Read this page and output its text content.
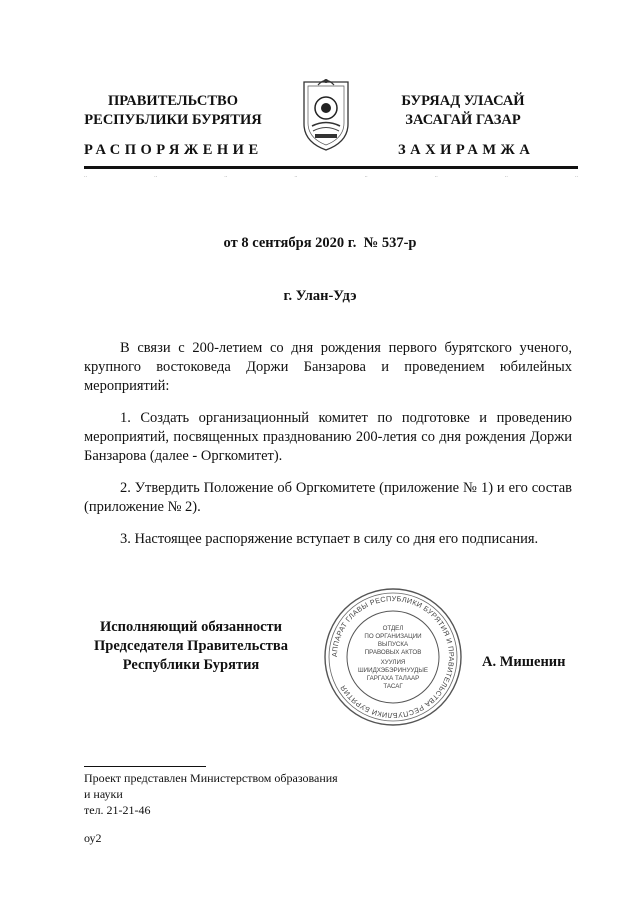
ПРАВИТЕЛЬСТВО
РЕСПУБЛИКИ БУРЯТИЯ
БУРЯАД УЛАСАЙ
ЗАСАГАЙ ГАЗАР
РАСПОРЯЖЕНИЕ	ЗАХИРАМЖА
..	..	..	..	..	..	..	..
от 8 сентября 2020 г.  № 537-р
г. Улан-Удэ
В связи с 200-летием со дня рождения первого бурятского ученого, крупного востоковеда Доржи Банзарова и проведением юбилейных мероприятий:
1. Создать организационный комитет по подготовке и проведению мероприятий, посвященных празднованию 200-летия со дня рождения Доржи Банзарова (далее - Оргкомитет).
2. Утвердить Положение об Оргкомитете (приложение № 1) и его состав (приложение № 2).
3. Настоящее распоряжение вступает в силу со дня его подписания.
Исполняющий обязанности
Председателя Правительства
Республики Бурятия
АППАРАТ ГЛАВЫ РЕСПУБЛИКИ БУРЯТИЯ И ПРАВИТЕЛЬСТВА РЕСПУБЛИКИ БУРЯТИЯ
ОТДЕЛ
ПО ОРГАНИЗАЦИИ
ВЫПУСКА
ПРАВОВЫХ АКТОВ
ХУУЛИЯ
ШИИДХЭБЭРИНУУДЫЕ
ГАРГАХА ТАЛААР
ТАСАГ
А. Мишенин
Проект представлен Министерством образования
и науки
тел. 21-21-46
оу2
